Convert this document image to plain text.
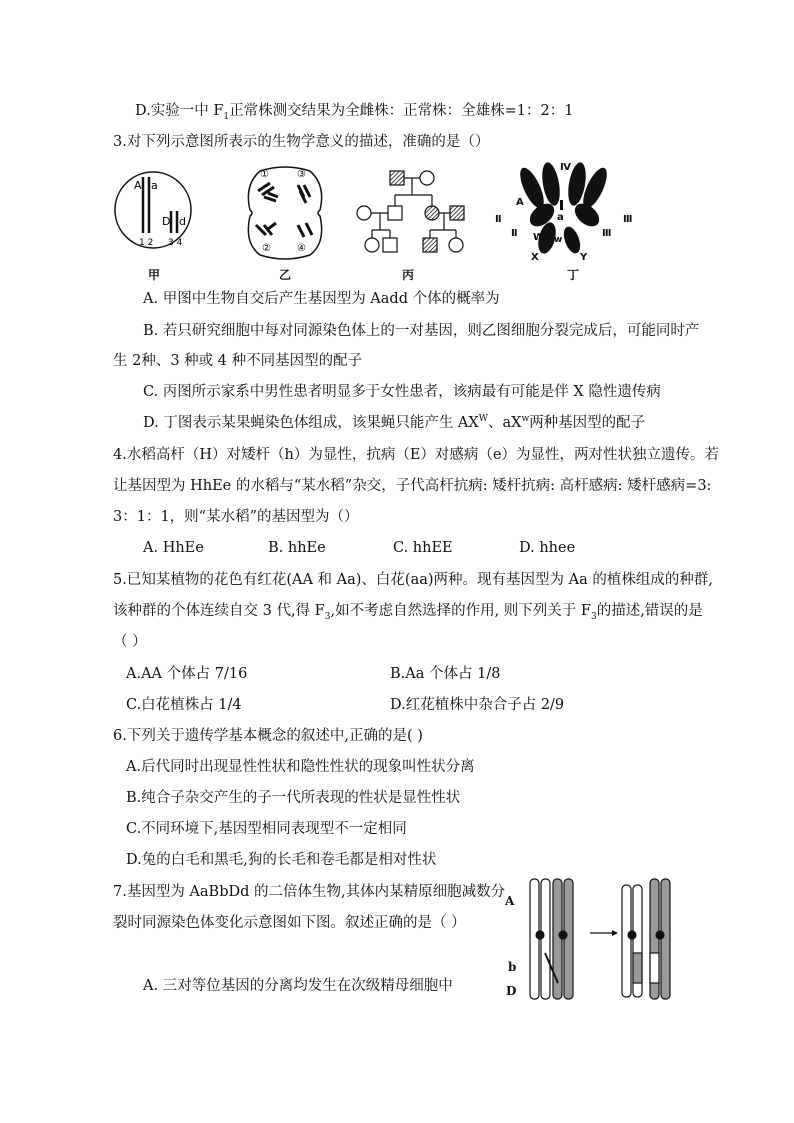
D.实验一中 $F_1$正常株测交结果为全雌株：正常株：全雄株=1：2：1
3.对下列示意图所表示的生物学意义的描述，准确的是（）
A a
D d
1 2 3 4
甲
①	③
②	④
乙	丙
Ⅳ
A
a
Ⅱ
Ⅱ
Ⅲ
Ⅲ
W w
X	Y
丁
A. 甲图中生物自交后产生基因型为 Aadd 个体的概率为
B. 若只研究细胞中每对同源染色体上的一对基因，则乙图细胞分裂完成后，可能同时产
生 2种、3 种或 4 种不同基因型的配子
C. 丙图所示家系中男性患者明显多于女性患者，该病最有可能是伴 X 隐性遗传病
D. 丁图表示某果蝇染色体组成，该果蝇只能产生 $AX^W$、$aX^w$两种基因型的配子
4.水稻高杆（H）对矮杆（h）为显性，抗病（E）对感病（e）为显性，两对性状独立遗传。若
让基因型为 HhEe 的水稻与“某水稻”杂交，子代高杆抗病: 矮杆抗病: 高杆感病: 矮杆感病=3:
3：1：1，则“某水稻”的基因型为（）
A. HhEe	B. hhEe	C. hhEE	D. hhee
5.已知某植物的花色有红花(AA 和 Aa)、白花(aa)两种。现有基因型为 Aa 的植株组成的种群,
该种群的个体连续自交 3 代,得 $F_3$,如不考虑自然选择的作用, 则下列关于 $F_3$的描述,错误的是
（ ）
A.AA 个体占 7/16	B.Aa 个体占 1/8
C.白花植株占 1/4	D.红花植株中杂合子占 2/9
6.下列关于遗传学基本概念的叙述中,正确的是( )
A.后代同时出现显性性状和隐性性状的现象叫性状分离
B.纯合子杂交产生的子一代所表现的性状是显性性状
C.不同环境下,基因型相同表现型不一定相同
D.兔的白毛和黑毛,狗的长毛和卷毛都是相对性状
7.基因型为 AaBbDd 的二倍体生物,其体内某精原细胞减数分
裂时同源染色体变化示意图如下图。叙述正确的是（ ）
A. 三对等位基因的分离均发生在次级精母细胞中
A
b
D
